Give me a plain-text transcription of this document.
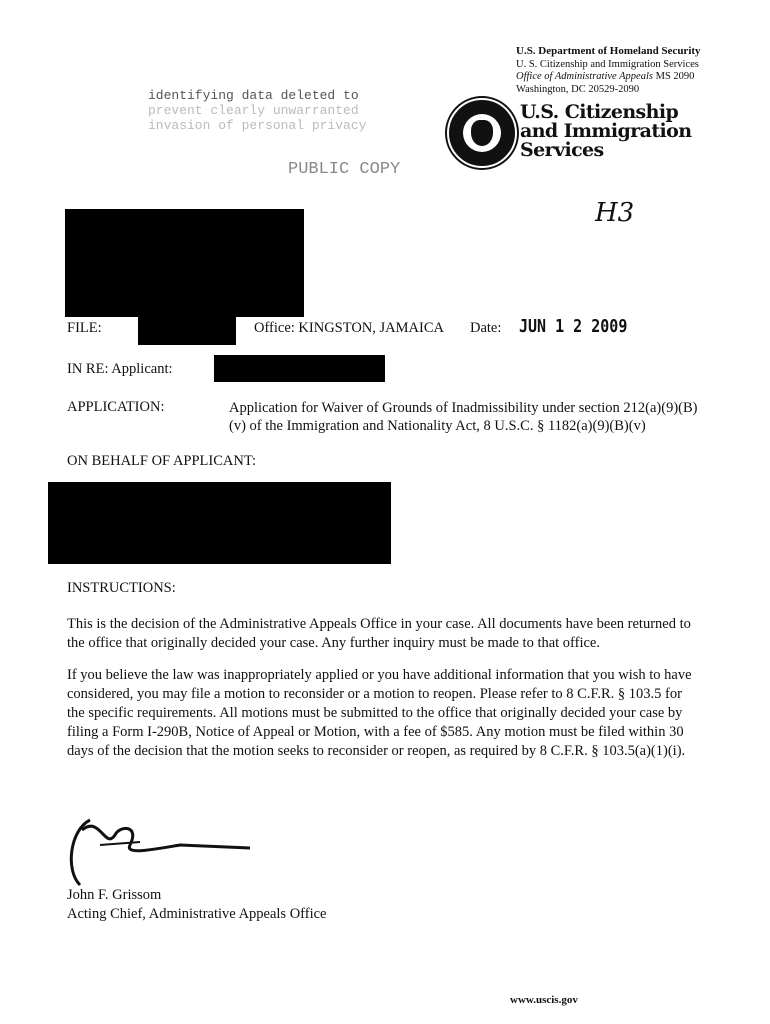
U.S. Department of Homeland Security
U. S. Citizenship and Immigration Services
Office of Administrative Appeals MS 2090
Washington, DC 20529-2090
U.S. Citizenship
and Immigration
Services
identifying data deleted to
prevent clearly unwarranted
invasion of personal privacy
PUBLIC COPY
H3
FILE:	Office: KINGSTON, JAMAICA Date: JUN 1 2 2009
IN RE: Applicant:
APPLICATION:	Application for Waiver of Grounds of Inadmissibility under section 212(a)(9)(B)(v) of the Immigration and Nationality Act, 8 U.S.C. § 1182(a)(9)(B)(v)
ON BEHALF OF APPLICANT:
INSTRUCTIONS:

This is the decision of the Administrative Appeals Office in your case. All documents have been returned to the office that originally decided your case. Any further inquiry must be made to that office.

If you believe the law was inappropriately applied or you have additional information that you wish to have considered, you may file a motion to reconsider or a motion to reopen. Please refer to 8 C.F.R. § 103.5 for the specific requirements. All motions must be submitted to the office that originally decided your case by filing a Form I-290B, Notice of Appeal or Motion, with a fee of $585. Any motion must be filed within 30 days of the decision that the motion seeks to reconsider or reopen, as required by 8 C.F.R. § 103.5(a)(1)(i).

John F. Grissom
Acting Chief, Administrative Appeals Office
www.uscis.gov
